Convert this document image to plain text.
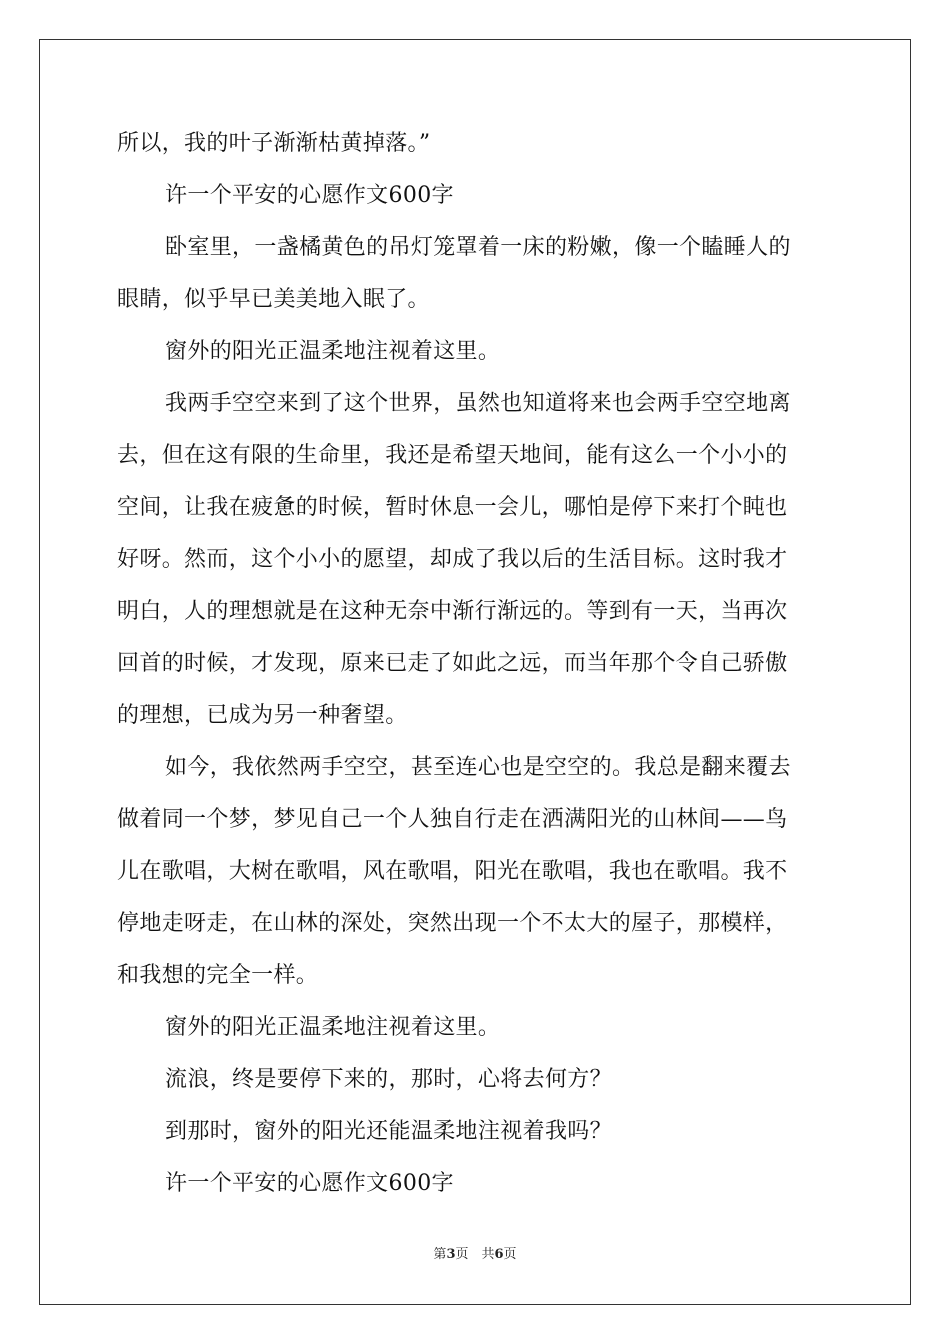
所以，我的叶子渐渐枯黄掉落。”
许一个平安的心愿作文600字
卧室里，一盏橘黄色的吊灯笼罩着一床的粉嫩，像一个瞌睡人的
眼睛，似乎早已美美地入眠了。
窗外的阳光正温柔地注视着这里。
我两手空空来到了这个世界，虽然也知道将来也会两手空空地离
去，但在这有限的生命里，我还是希望天地间，能有这么一个小小的
空间，让我在疲惫的时候，暂时休息一会儿，哪怕是停下来打个盹也
好呀。然而，这个小小的愿望，却成了我以后的生活目标。这时我才
明白，人的理想就是在这种无奈中渐行渐远的。等到有一天，当再次
回首的时候，才发现，原来已走了如此之远，而当年那个令自己骄傲
的理想，已成为另一种奢望。
如今，我依然两手空空，甚至连心也是空空的。我总是翻来覆去
做着同一个梦，梦见自己一个人独自行走在洒满阳光的山林间——鸟
儿在歌唱，大树在歌唱，风在歌唱，阳光在歌唱，我也在歌唱。我不
停地走呀走，在山林的深处，突然出现一个不太大的屋子，那模样，
和我想的完全一样。
窗外的阳光正温柔地注视着这里。
流浪，终是要停下来的，那时，心将去何方？
到那时，窗外的阳光还能温柔地注视着我吗？
许一个平安的心愿作文600字
第3页　共6页
